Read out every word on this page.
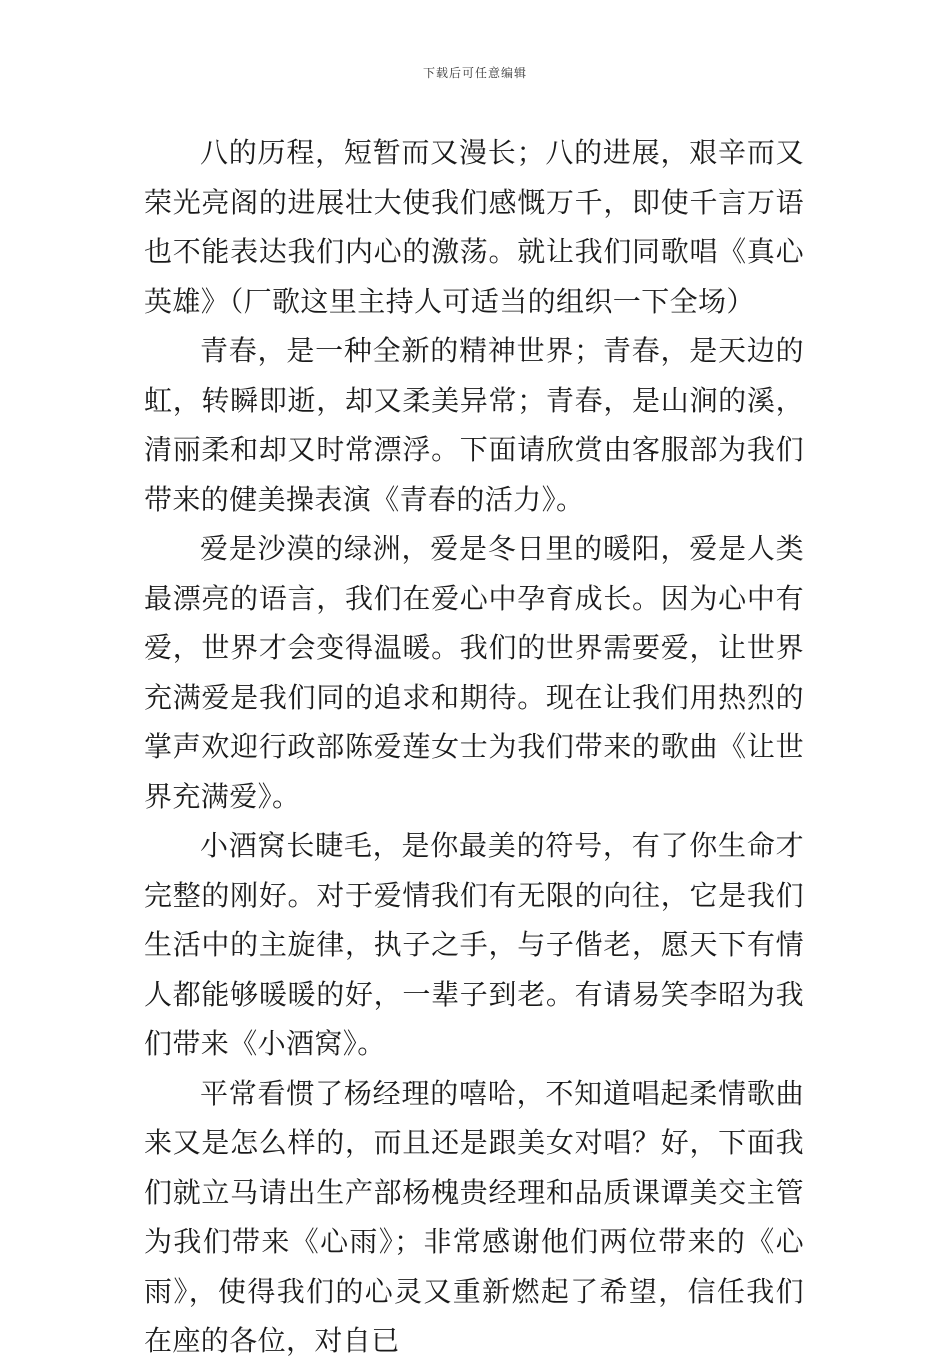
下载后可任意编辑

八的历程，短暂而又漫长；八的进展，艰辛而又荣光亮阁的进展壮大使我们感慨万千，即使千言万语也不能表达我们内心的激荡。就让我们同歌唱《真心英雄》（厂歌这里主持人可适当的组织一下全场）

青春，是一种全新的精神世界；青春，是天边的虹，转瞬即逝，却又柔美异常；青春，是山涧的溪，清丽柔和却又时常漂浮。下面请欣赏由客服部为我们带来的健美操表演《青春的活力》。

爱是沙漠的绿洲，爱是冬日里的暖阳，爱是人类最漂亮的语言，我们在爱心中孕育成长。因为心中有爱，世界才会变得温暖。我们的世界需要爱，让世界充满爱是我们同的追求和期待。现在让我们用热烈的掌声欢迎行政部陈爱莲女士为我们带来的歌曲《让世界充满爱》。

小酒窝长睫毛，是你最美的符号，有了你生命才完整的刚好。对于爱情我们有无限的向往，它是我们生活中的主旋律，执子之手，与子偕老，愿天下有情人都能够暖暖的好，一辈子到老。有请易笑李昭为我们带来《小酒窝》。

平常看惯了杨经理的嘻哈，不知道唱起柔情歌曲来又是怎么样的，而且还是跟美女对唱？好，下面我们就立马请出生产部杨槐贵经理和品质课谭美交主管为我们带来《心雨》；非常感谢他们两位带来的《心雨》，使得我们的心灵又重新燃起了希望，信任我们在座的各位，对自已
